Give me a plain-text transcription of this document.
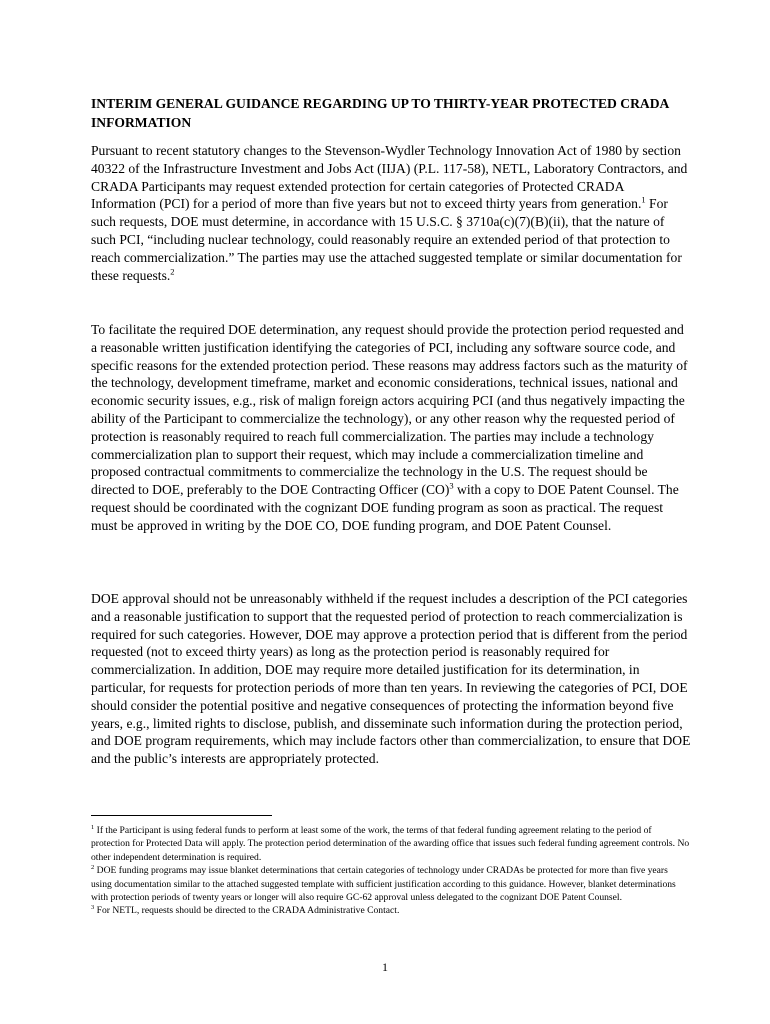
INTERIM GENERAL GUIDANCE REGARDING UP TO THIRTY-YEAR PROTECTED CRADA INFORMATION

Pursuant to recent statutory changes to the Stevenson-Wydler Technology Innovation Act of 1980 by section 40322 of the Infrastructure Investment and Jobs Act (IIJA) (P.L. 117-58), NETL, Laboratory Contractors, and CRADA Participants may request extended protection for certain categories of Protected CRADA Information (PCI) for a period of more than five years but not to exceed thirty years from generation.$^1$ For such requests, DOE must determine, in accordance with 15 U.S.C. § 3710a(c)(7)(B)(ii), that the nature of such PCI, “including nuclear technology, could reasonably require an extended period of that protection to reach commercialization.” The parties may use the attached suggested template or similar documentation for these requests.$^2$

To facilitate the required DOE determination, any request should provide the protection period requested and a reasonable written justification identifying the categories of PCI, including any software source code, and specific reasons for the extended protection period. These reasons may address factors such as the maturity of the technology, development timeframe, market and economic considerations, technical issues, national and economic security issues, e.g., risk of malign foreign actors acquiring PCI (and thus negatively impacting the ability of the Participant to commercialize the technology), or any other reason why the requested period of protection is reasonably required to reach full commercialization. The parties may include a technology commercialization plan to support their request, which may include a commercialization timeline and proposed contractual commitments to commercialize the technology in the U.S. The request should be directed to DOE, preferably to the DOE Contracting Officer (CO)$^3$ with a copy to DOE Patent Counsel. The request should be coordinated with the cognizant DOE funding program as soon as practical. The request must be approved in writing by the DOE CO, DOE funding program, and DOE Patent Counsel.

DOE approval should not be unreasonably withheld if the request includes a description of the PCI categories and a reasonable justification to support that the requested period of protection to reach commercialization is required for such categories. However, DOE may approve a protection period that is different from the period requested (not to exceed thirty years) as long as the protection period is reasonably required for commercialization. In addition, DOE may require more detailed justification for its determination, in particular, for requests for protection periods of more than ten years. In reviewing the categories of PCI, DOE should consider the potential positive and negative consequences of protecting the information beyond five years, e.g., limited rights to disclose, publish, and disseminate such information during the protection period, and DOE program requirements, which may include factors other than commercialization, to ensure that DOE and the public’s interests are appropriately protected.

$^1$ If the Participant is using federal funds to perform at least some of the work, the terms of that federal funding agreement relating to the period of protection for Protected Data will apply. The protection period determination of the awarding office that issues such federal funding agreement controls. No other independent determination is required.

$^2$ DOE funding programs may issue blanket determinations that certain categories of technology under CRADAs be protected for more than five years using documentation similar to the attached suggested template with sufficient justification according to this guidance. However, blanket determinations with protection periods of twenty years or longer will also require GC-62 approval unless delegated to the cognizant DOE Patent Counsel.

$^3$ For NETL, requests should be directed to the CRADA Administrative Contact.

1
